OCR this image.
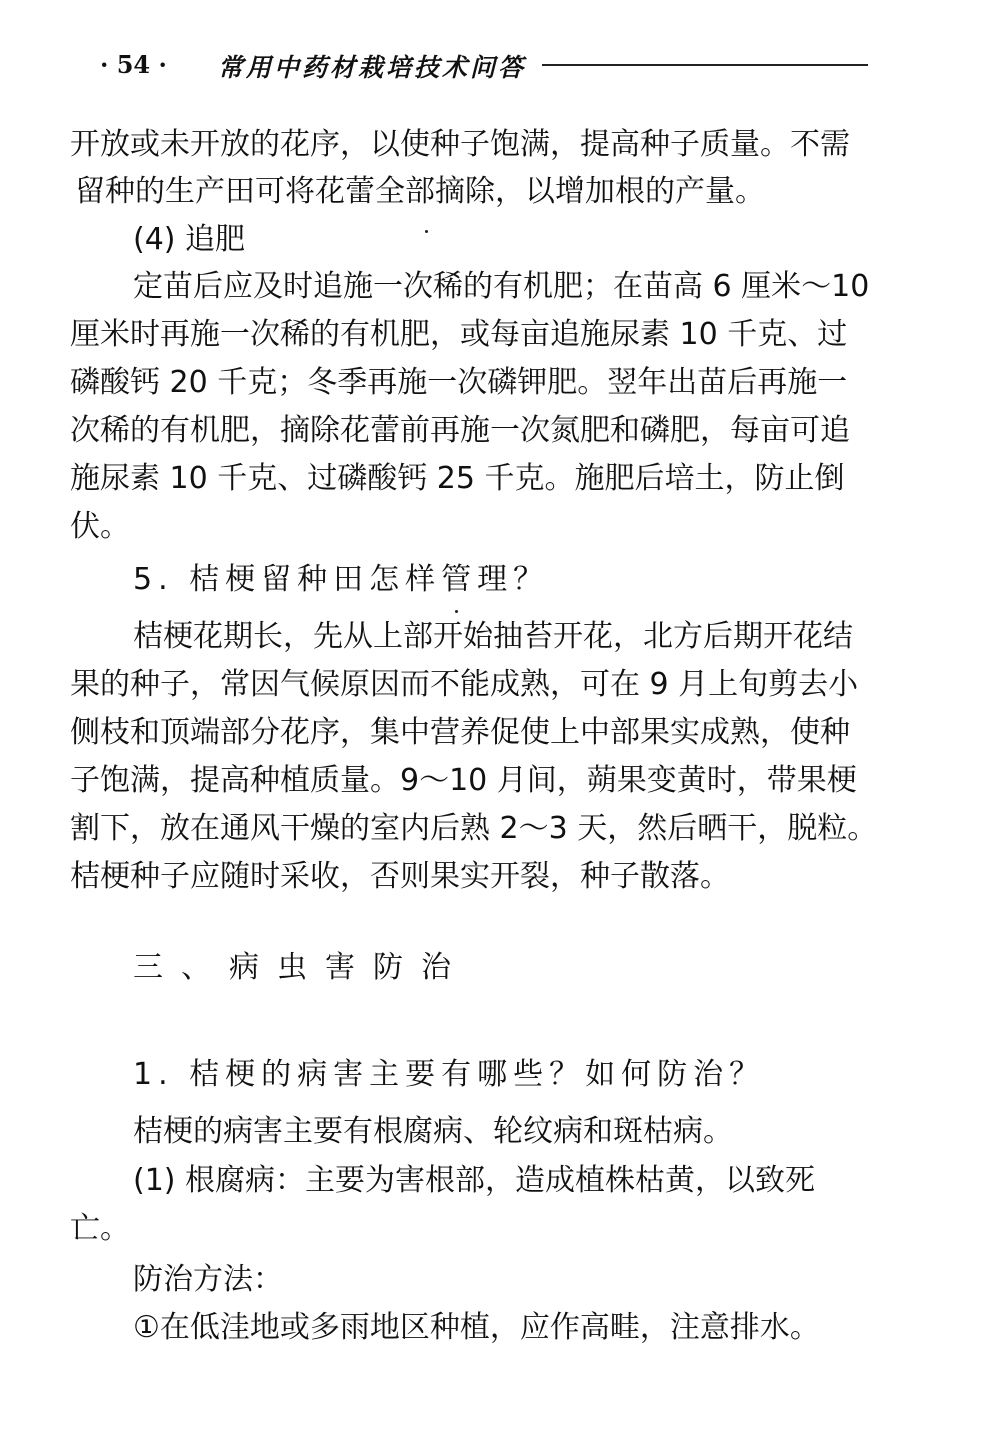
· 54 · 常用中药材栽培技术问答
开放或未开放的花序，以使种子饱满，提高种子质量。不需
留种的生产田可将花蕾全部摘除，以增加根的产量。
(4) 追肥
定苗后应及时追施一次稀的有机肥；在苗高 6 厘米～10
厘米时再施一次稀的有机肥，或每亩追施尿素 10 千克、过
磷酸钙 20 千克；冬季再施一次磷钾肥。翌年出苗后再施一
次稀的有机肥，摘除花蕾前再施一次氮肥和磷肥，每亩可追
施尿素 10 千克、过磷酸钙 25 千克。施肥后培土，防止倒
伏。
5. 桔梗留种田怎样管理？
桔梗花期长，先从上部开始抽苔开花，北方后期开花结
果的种子，常因气候原因而不能成熟，可在 9 月上旬剪去小
侧枝和顶端部分花序，集中营养促使上中部果实成熟，使种
子饱满，提高种植质量。9～10 月间，蒴果变黄时，带果梗
割下，放在通风干燥的室内后熟 2～3 天，然后晒干，脱粒。
桔梗种子应随时采收，否则果实开裂，种子散落。
三、病虫害防治
1. 桔梗的病害主要有哪些？如何防治？
桔梗的病害主要有根腐病、轮纹病和斑枯病。
(1) 根腐病：主要为害根部，造成植株枯黄，以致死
亡。
防治方法：
①在低洼地或多雨地区种植，应作高畦，注意排水。
